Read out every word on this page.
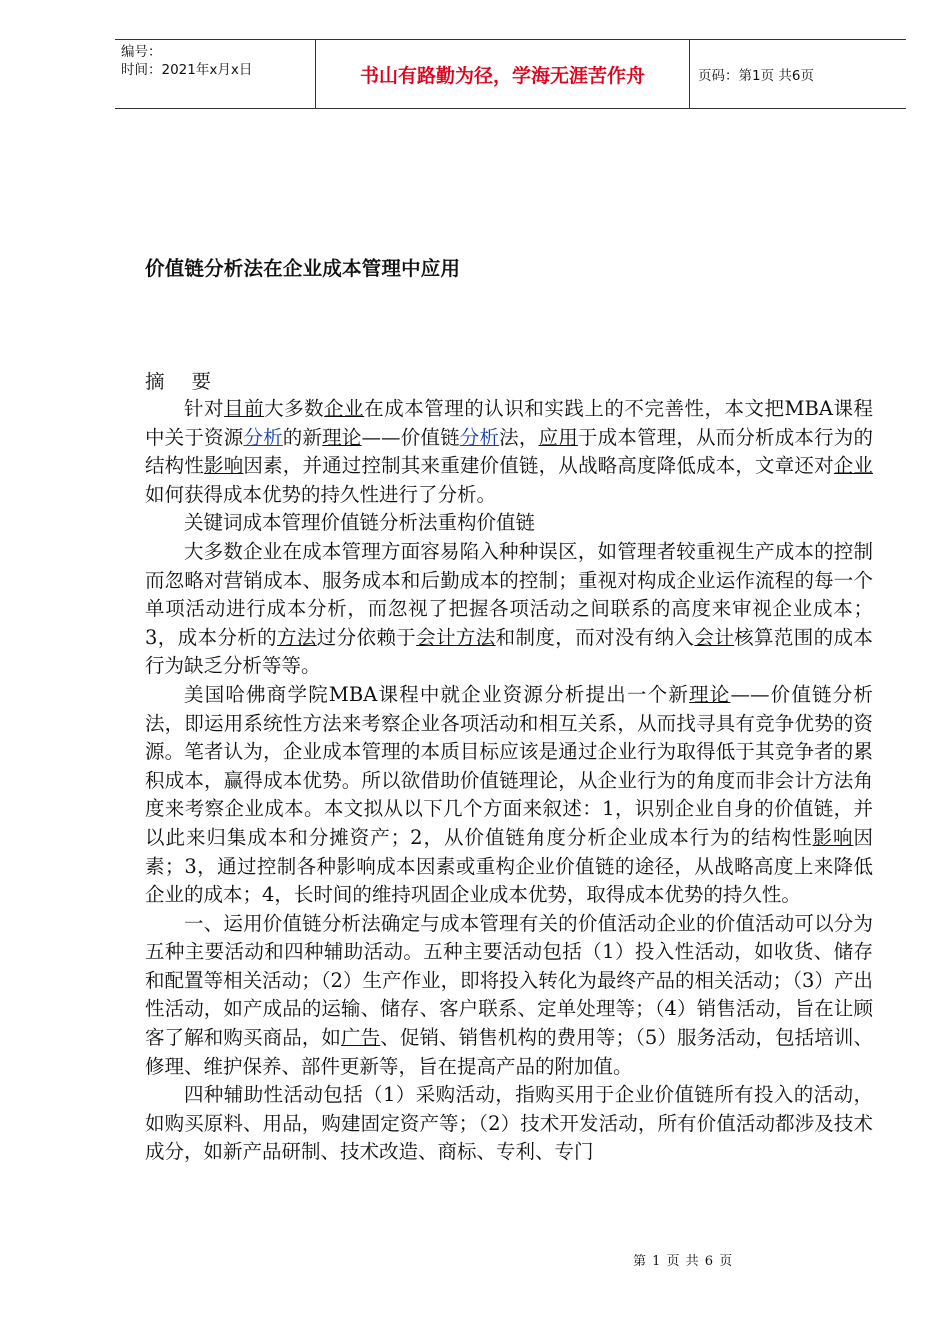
编号：
时间：2021年x月x日	书山有路勤为径，学海无涯苦作舟	页码：第1页 共6页
价值链分析法在企业成本管理中应用
摘 要

针对目前大多数企业在成本管理的认识和实践上的不完善性，本文把MBA课程中关于资源分析的新理论——价值链分析法，应用于成本管理，从而分析成本行为的结构性影响因素，并通过控制其来重建价值链，从战略高度降低成本，文章还对企业如何获得成本优势的持久性进行了分析。

关键词成本管理价值链分析法重构价值链

大多数企业在成本管理方面容易陷入种种误区，如管理者较重视生产成本的控制而忽略对营销成本、服务成本和后勤成本的控制；重视对构成企业运作流程的每一个单项活动进行成本分析，而忽视了把握各项活动之间联系的高度来审视企业成本；3，成本分析的方法过分依赖于会计方法和制度，而对没有纳入会计核算范围的成本行为缺乏分析等等。

美国哈佛商学院MBA课程中就企业资源分析提出一个新理论——价值链分析法，即运用系统性方法来考察企业各项活动和相互关系，从而找寻具有竞争优势的资源。笔者认为，企业成本管理的本质目标应该是通过企业行为取得低于其竞争者的累积成本，赢得成本优势。所以欲借助价值链理论，从企业行为的角度而非会计方法角度来考察企业成本。本文拟从以下几个方面来叙述：1，识别企业自身的价值链，并以此来归集成本和分摊资产；2，从价值链角度分析企业成本行为的结构性影响因素；3，通过控制各种影响成本因素或重构企业价值链的途径，从战略高度上来降低企业的成本；4，长时间的维持巩固企业成本优势，取得成本优势的持久性。

一、运用价值链分析法确定与成本管理有关的价值活动企业的价值活动可以分为五种主要活动和四种辅助活动。五种主要活动包括（1）投入性活动，如收货、储存和配置等相关活动；（2）生产作业，即将投入转化为最终产品的相关活动；（3）产出性活动，如产成品的运输、储存、客户联系、定单处理等；（4）销售活动，旨在让顾客了解和购买商品，如广告、促销、销售机构的费用等；（5）服务活动，包括培训、修理、维护保养、部件更新等，旨在提高产品的附加值。

四种辅助性活动包括（1）采购活动，指购买用于企业价值链所有投入的活动，如购买原料、用品，购建固定资产等；（2）技术开发活动，所有价值活动都涉及技术成分，如新产品研制、技术改造、商标、专利、专门

第 1 页 共 6 页
